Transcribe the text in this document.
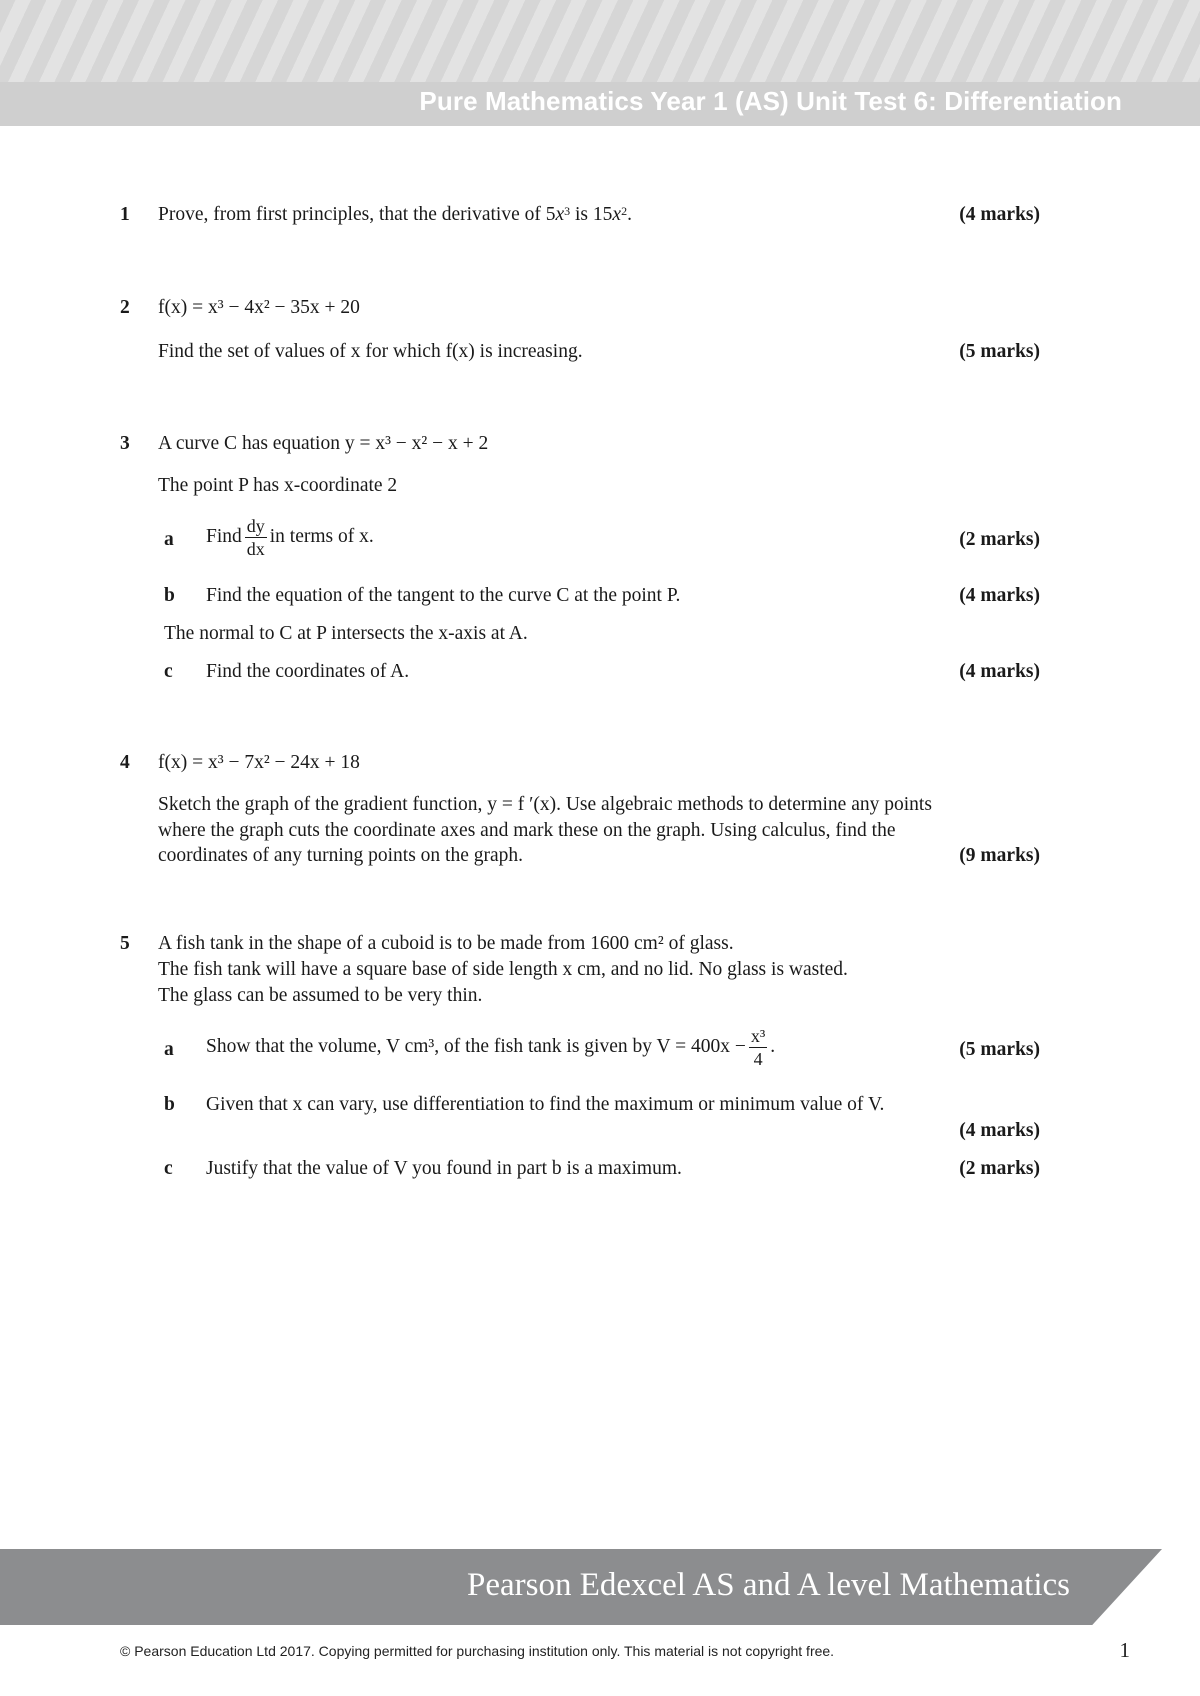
Pure Mathematics Year 1 (AS) Unit Test 6: Differentiation
1 Prove, from first principles, that the derivative of $5x^3$ is $15x^2$.	(4 marks)
2 f(x) = x³ − 4x² − 35x + 20
Find the set of values of x for which f(x) is increasing.	(5 marks)
3 A curve C has equation y = x³ − x² − x + 2
The point P has x-coordinate 2
a Find $\frac{dy}{dx}$ in terms of x.	(2 marks)
b Find the equation of the tangent to the curve C at the point P.	(4 marks)
The normal to C at P intersects the x-axis at A.
c Find the coordinates of A.	(4 marks)
4 f(x) = x³ − 7x² − 24x + 18
Sketch the graph of the gradient function, y = f ′(x). Use algebraic methods to determine any points
where the graph cuts the coordinate axes and mark these on the graph. Using calculus, find the
coordinates of any turning points on the graph.	(9 marks)
5 A fish tank in the shape of a cuboid is to be made from 1600 cm² of glass.
The fish tank will have a square base of side length x cm, and no lid. No glass is wasted.
The glass can be assumed to be very thin.
a Show that the volume, V cm³, of the fish tank is given by $V = 400x - \frac{\text{x³}}{4}$ .	(5 marks)
b Given that x can vary, use differentiation to find the maximum or minimum value of V.
(4 marks)
c Justify that the value of V you found in part b is a maximum.	(2 marks)
Pearson Edexcel AS and A level Mathematics
© Pearson Education Ltd 2017. Copying permitted for purchasing institution only. This material is not copyright free.	1
